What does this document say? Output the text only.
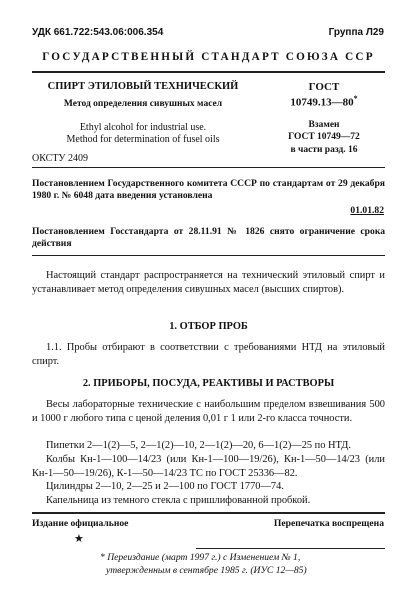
УДК 661.722:543.06:006.354	Группа Л29
ГОСУДАРСТВЕННЫЙ СТАНДАРТ СОЮЗА ССР
СПИРТ ЭТИЛОВЫЙ ТЕХНИЧЕСКИЙ
Метод определения сивушных масел
Ethyl alcohol for industrial use.
Method for determination of fusel oils
ОКСТУ 2409
ГОСТ
10749.13—80*
Взамен
ГОСТ 10749—72
в части разд. 16

Постановлением Государственного комитета СССР по стандартам от 29 декабря 1980 г. № 6048 дата введения установлена

01.01.82

Постановлением Госстандарта от 28.11.91 № 1826 снято ограничение срока действия

Настоящий стандарт распространяется на технический этиловый спирт и устанавливает метод определения сивушных масел (высших спиртов).

1. ОТБОР ПРОБ

1.1. Пробы отбирают в соответствии с требованиями НТД на этиловый спирт.

2. ПРИБОРЫ, ПОСУДА, РЕАКТИВЫ И РАСТВОРЫ

Весы лабораторные технические с наибольшим пределом взвешивания 500 и 1000 г любого типа с ценой деления 0,01 г 1 или 2-го класса точности.

Пипетки 2—1(2)—5, 2—1(2)—10, 2—1(2)—20, 6—1(2)—25 по НТД.

Колбы Кн-1—100—14/23 (или Кн-1—100—19/26), Кн-1—50—14/23 (или Кн-1—50—19/26), К-1—50—14/23 ТС по ГОСТ 25336—82.

Цилиндры 2—10, 2—25 и 2—100 по ГОСТ 1770—74.

Капельница из темного стекла с пришлифованной пробкой.

Издание официальное	Перепечатка воспрещена
★
* Переиздание (март 1997 г.) с Изменением № 1,
утвержденным в сентябре 1985 г. (ИУС 12—85)
